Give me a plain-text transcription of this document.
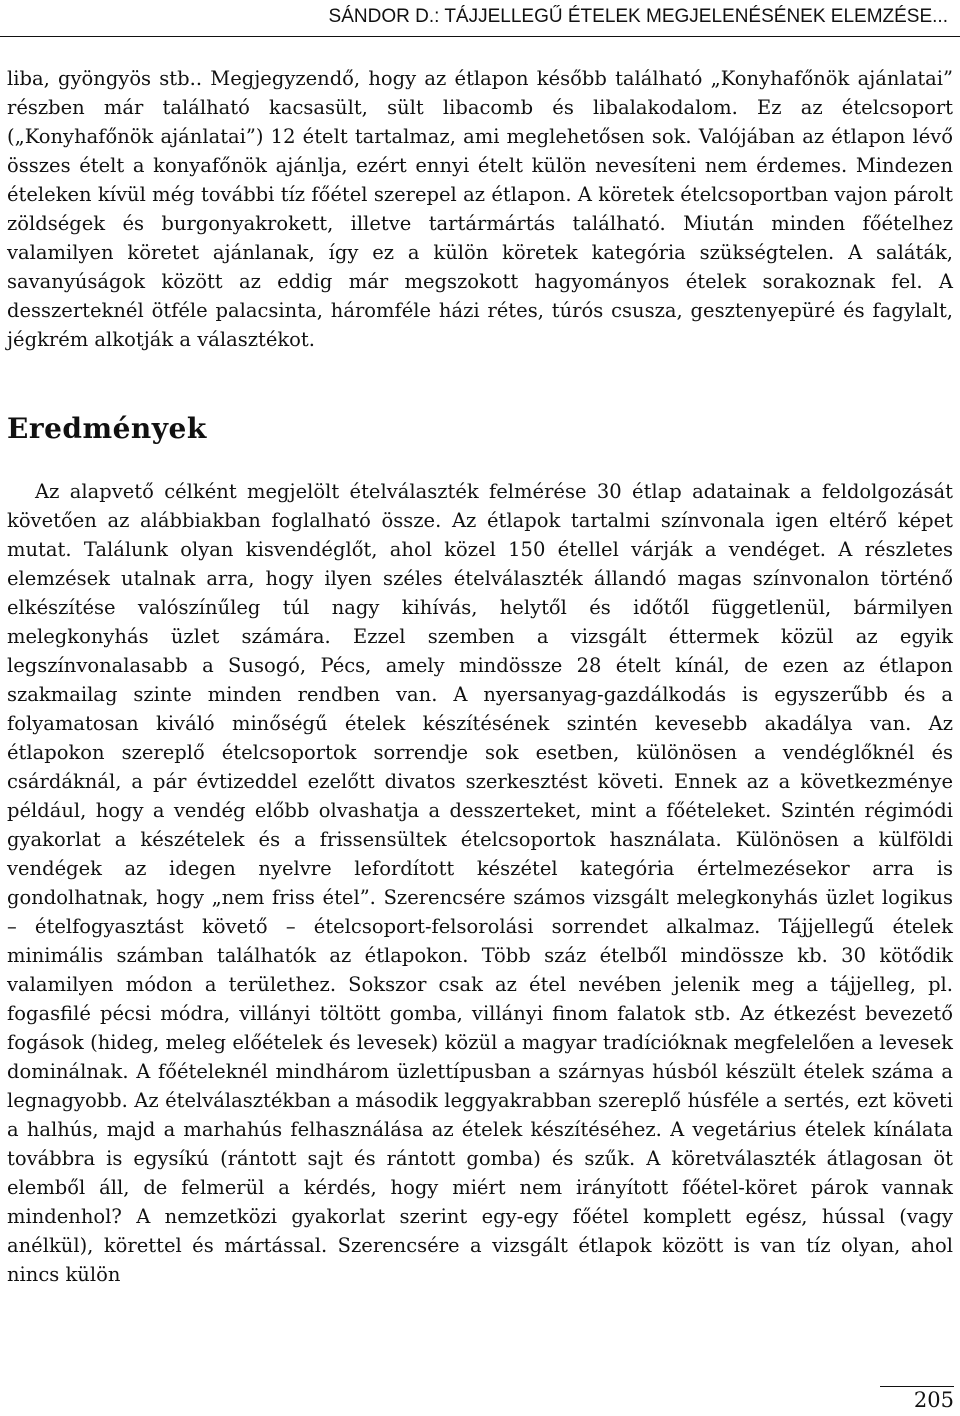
SÁNDOR D.: TÁJJELLEGŰ ÉTELEK MEGJELENÉSÉNEK ELEMZÉSE...

liba, gyöngyös stb.. Megjegyzendő, hogy az étlapon később található „Konyhafőnök ajánlatai” részben már található kacsasült, sült libacomb és libalakodalom. Ez az ételcsoport („Konyhafőnök ajánlatai”) 12 ételt tartalmaz, ami meglehetősen sok. Valójában az étlapon lévő összes ételt a konyafőnök ajánlja, ezért ennyi ételt külön nevesíteni nem érdemes. Mindezen ételeken kívül még további tíz főétel szerepel az étlapon. A köretek ételcsoportban vajon párolt zöldségek és burgonyakrokett, illetve tartármártás található. Miután minden főételhez valamilyen köretet ajánlanak, így ez a külön köretek kategória szükségtelen. A saláták, savanyúságok között az eddig már megszokott hagyományos ételek sorakoznak fel. A desszerteknél ötféle palacsinta, háromféle házi rétes, túrós csusza, gesztenyepüré és fagylalt, jégkrém alkotják a választékot.

Eredmények

Az alapvető célként megjelölt ételválaszték felmérése 30 étlap adatainak a feldolgozását követően az alábbiakban foglalható össze. Az étlapok tartalmi színvonala igen eltérő képet mutat. Találunk olyan kisvendéglőt, ahol közel 150 étellel várják a vendéget. A részletes elemzések utalnak arra, hogy ilyen széles ételválaszték állandó magas színvonalon történő elkészítése valószínűleg túl nagy kihívás, helytől és időtől függetlenül, bármilyen melegkonyhás üzlet számára. Ezzel szemben a vizsgált éttermek közül az egyik legszínvonalasabb a Susogó, Pécs, amely mindössze 28 ételt kínál, de ezen az étlapon szakmailag szinte minden rendben van. A nyersanyag-gazdálkodás is egyszerűbb és a folyamatosan kiváló minőségű ételek készítésének szintén kevesebb akadálya van. Az étlapokon szereplő ételcsoportok sorrendje sok esetben, különösen a vendéglőknél és csárdáknál, a pár évtizeddel ezelőtt divatos szerkesztést követi. Ennek az a következménye például, hogy a vendég előbb olvashatja a desszerteket, mint a főételeket. Szintén régimódi gyakorlat a készételek és a frissensültek ételcsoportok használata. Különösen a külföldi vendégek az idegen nyelvre lefordított készétel kategória értelmezésekor arra is gondolhatnak, hogy „nem friss étel”. Szerencsére számos vizsgált melegkonyhás üzlet logikus – ételfogyasztást követő – ételcsoport-felsorolási sorrendet alkalmaz. Tájjellegű ételek minimális számban találhatók az étlapokon. Több száz ételből mindössze kb. 30 kötődik valamilyen módon a területhez. Sokszor csak az étel nevében jelenik meg a tájjelleg, pl. fogasfilé pécsi módra, villányi töltött gomba, villányi finom falatok stb. Az étkezést bevezető fogások (hideg, meleg előételek és levesek) közül a magyar tradícióknak megfelelően a levesek dominálnak. A főételeknél mindhárom üzlettípusban a szárnyas húsból készült ételek száma a legnagyobb. Az ételválasztékban a második leggyakrabban szereplő húsféle a sertés, ezt követi a halhús, majd a marhahús felhasználása az ételek készítéséhez. A vegetárius ételek kínálata továbbra is egysíkú (rántott sajt és rántott gomba) és szűk. A köretválaszték átlagosan öt elemből áll, de felmerül a kérdés, hogy miért nem irányított főétel-köret párok vannak mindenhol? A nemzetközi gyakorlat szerint egy-egy főétel komplett egész, hússal (vagy anélkül), körettel és mártással. Szerencsére a vizsgált étlapok között is van tíz olyan, ahol nincs külön

205
